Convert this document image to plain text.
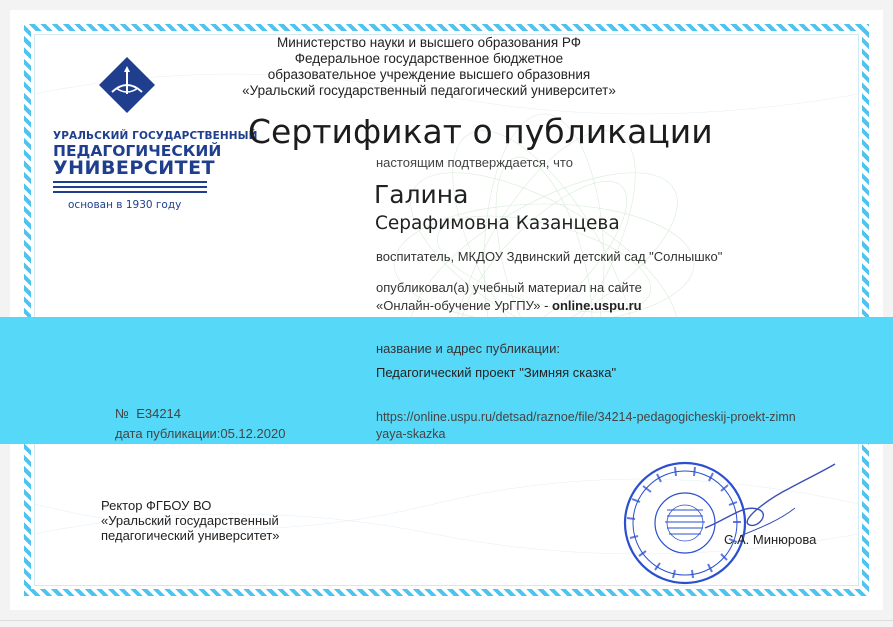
Министерство науки и высшего образования РФ
Федеральное государственное бюджетное
образовательное учреждение высшего образовния
«Уральский государственный педагогический университет»
УРАЛЬСКИЙ ГОСУДАРСТВЕННЫЙ
ПЕДАГОГИЧЕСКИЙ
УНИВЕРСИТЕТ
основан в 1930 году
Сертификат о публикации
настоящим подтверждается, что
Галина
Серафимовна Казанцева
воспитатель, МКДОУ Здвинский детский сад "Солнышко"
опубликовал(а) учебный материал на сайте
«Онлайн-обучение УрГПУ» - online.uspu.ru
название и адрес публикации:
Педагогический проект "Зимняя сказка"
https://online.uspu.ru/detsad/raznoe/file/34214-pedagogicheskij-proekt-zimnyaya-skazka
№ E34214
дата публикации:05.12.2020
Ректор ФГБОУ ВО
«Уральский государственный
педагогический университет»	С.А. Минюрова
